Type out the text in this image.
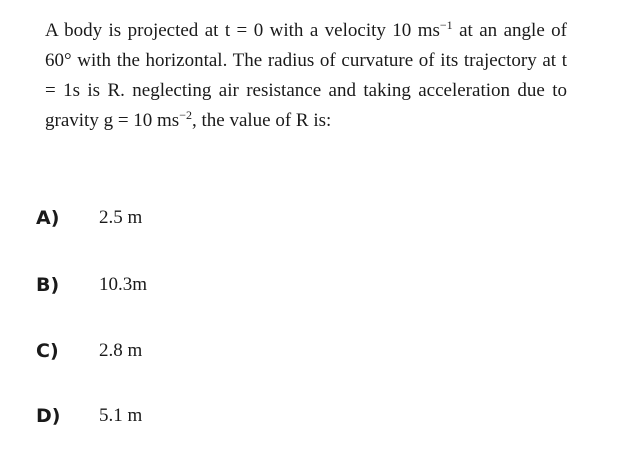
A body is projected at t = 0 with a velocity 10 $ms^{-1}$ at an angle of 60° with the horizontal. The radius of curvature of its trajectory at t = 1s is R. neglecting air resistance and taking acceleration due to gravity g = 10 $ms^{-2}$, the value of R is:
A)	2.5 m
B)	10.3m
C)	2.8 m
D)	5.1 m
